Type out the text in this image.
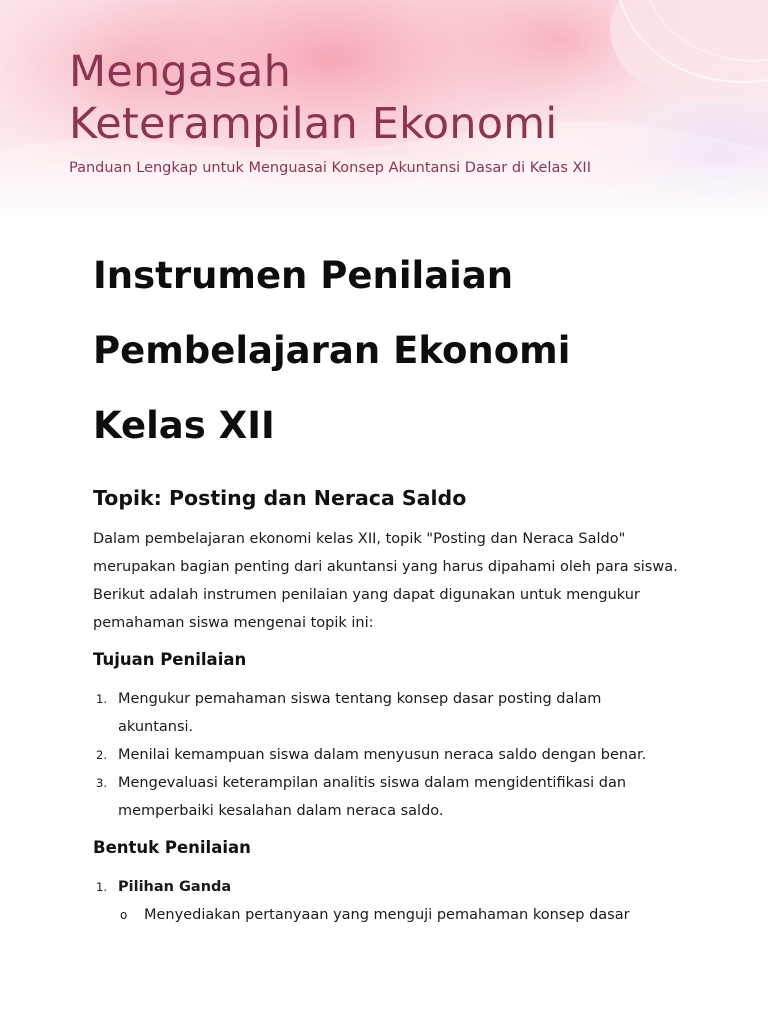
Mengasah
Keterampilan Ekonomi

Panduan Lengkap untuk Menguasai Konsep Akuntansi Dasar di Kelas XII

Instrumen Penilaian
Pembelajaran Ekonomi
Kelas XII
Topik: Posting dan Neraca Saldo

Dalam pembelajaran ekonomi kelas XII, topik "Posting dan Neraca Saldo"
merupakan bagian penting dari akuntansi yang harus dipahami oleh para siswa.
Berikut adalah instrumen penilaian yang dapat digunakan untuk mengukur
pemahaman siswa mengenai topik ini:

Tujuan Penilaian
1. Mengukur pemahaman siswa tentang konsep dasar posting dalam
akuntansi.
2. Menilai kemampuan siswa dalam menyusun neraca saldo dengan benar.
3. Mengevaluasi keterampilan analitis siswa dalam mengidentifikasi dan
memperbaiki kesalahan dalam neraca saldo.
Bentuk Penilaian
1. Pilihan Ganda
o Menyediakan pertanyaan yang menguji pemahaman konsep dasar
